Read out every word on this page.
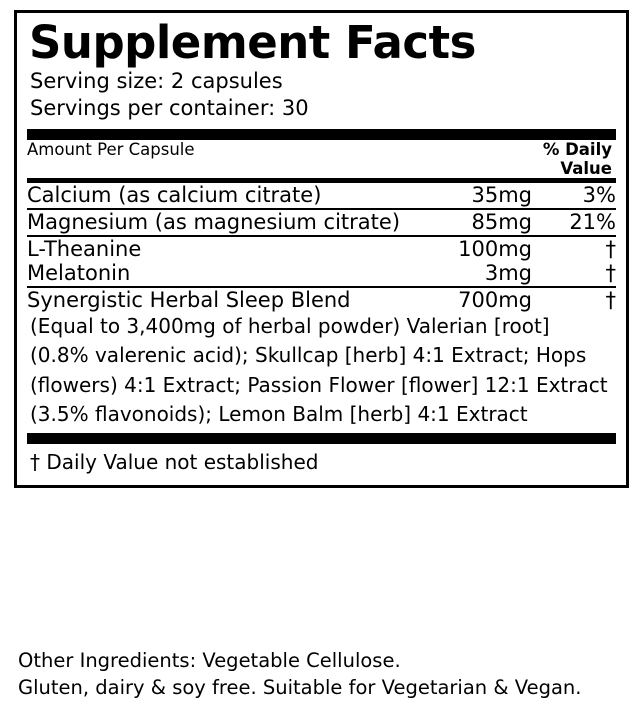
Supplement Facts
Serving size: 2 capsules
Servings per container: 30
Amount Per Capsule		% Daily Value
Calcium (as calcium citrate)	35mg	3%
Magnesium (as magnesium citrate)	85mg	21%
L-Theanine	100mg	†
Melatonin	3mg	†
Synergistic Herbal Sleep Blend	700mg	†
(Equal to 3,400mg of herbal powder) Valerian [root]
(0.8% valerenic acid); Skullcap [herb] 4:1 Extract; Hops
(flowers) 4:1 Extract; Passion Flower [flower] 12:1 Extract
(3.5% flavonoids); Lemon Balm [herb] 4:1 Extract
† Daily Value not established
Other Ingredients: Vegetable Cellulose.
Gluten, dairy & soy free. Suitable for Vegetarian & Vegan.
